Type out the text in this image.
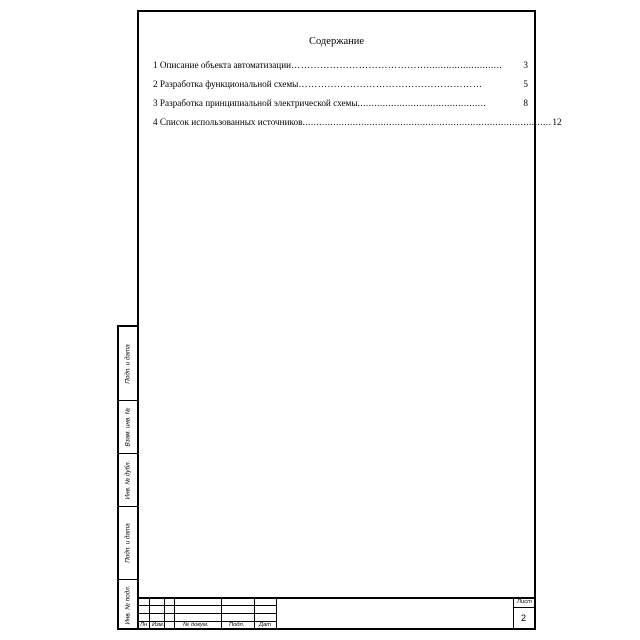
Содержание
1 Описание объекта автоматизации ……………………………………...........................	3
2 Разработка функциональной схемы …………………………………………………	5
3 Разработка принципиальной электрической схемы ..............................................	8
4 Список использованных источников ......................................................................................... 12
Подп. и дата
Взам. инв. №
Инв. № дубл.
Подп. и дата
Инв. № подл.
Лн Изм.	№ докум.	Подп.	Дат
Лист
2
